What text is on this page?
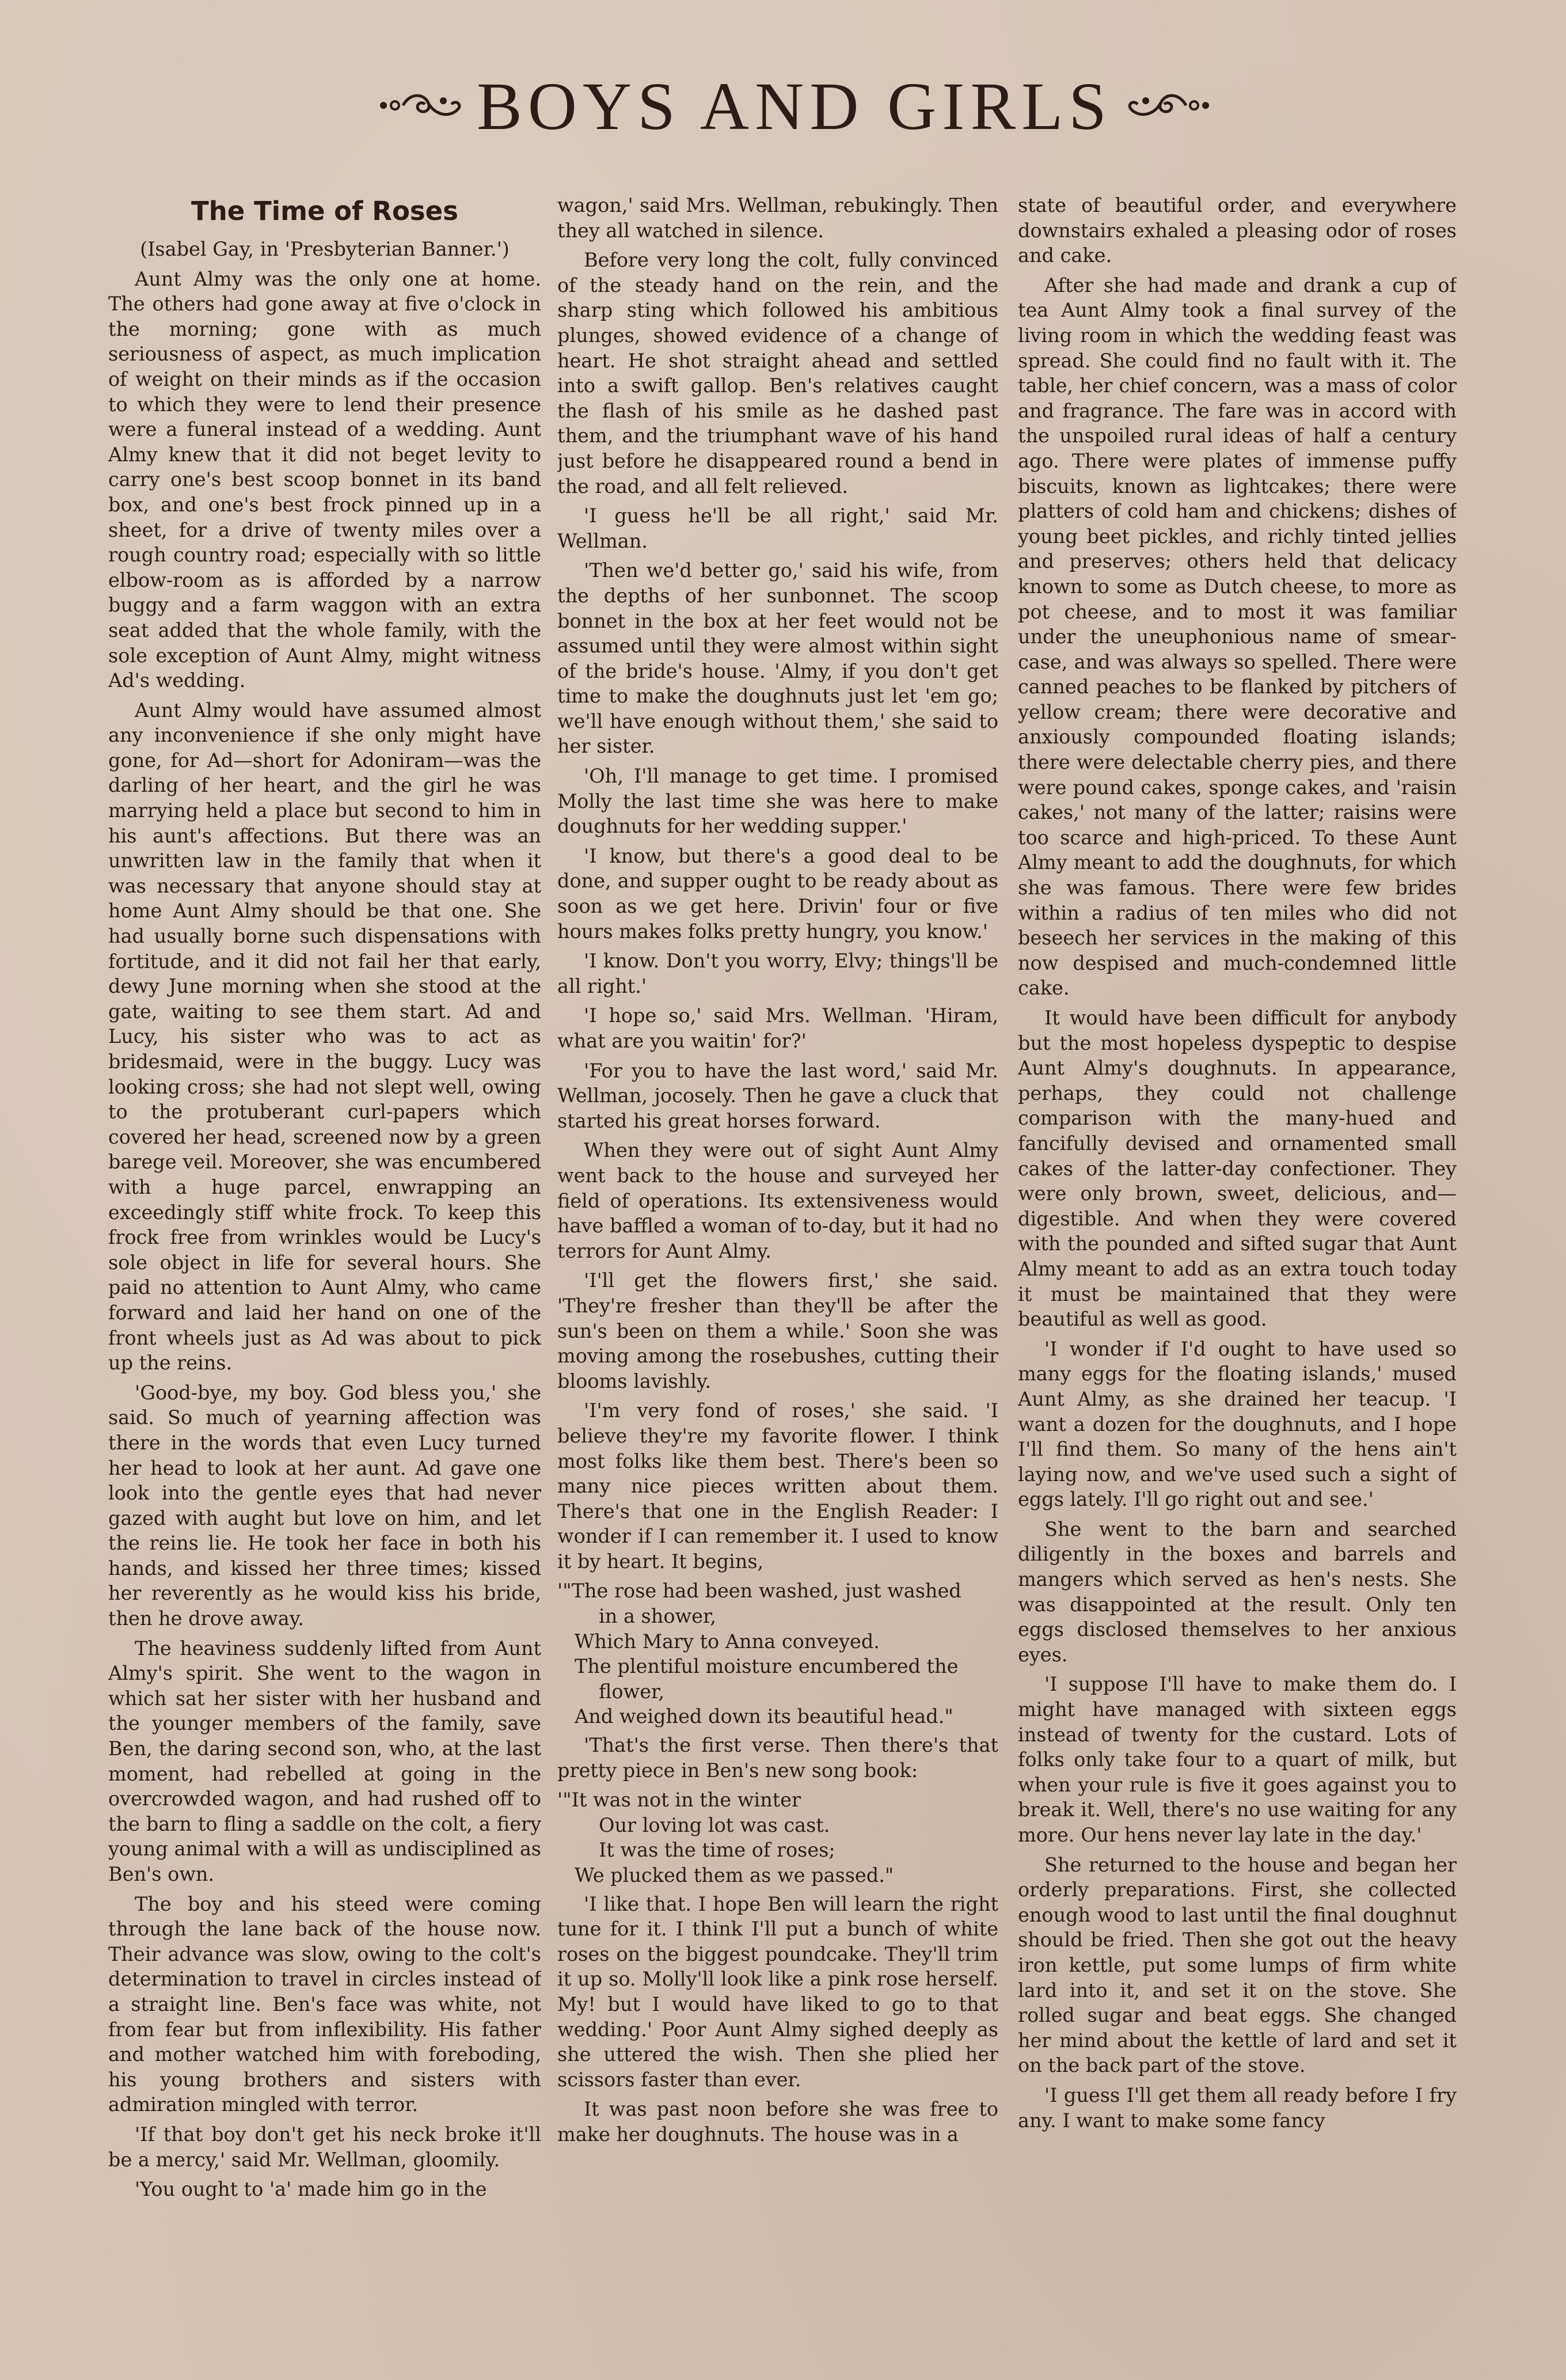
BOYS AND GIRLS
The Time of Roses

(Isabel Gay, in 'Presbyterian Banner.')

Aunt Almy was the only one at home. The others had gone away at five o'clock in the morning; gone with as much seriousness of aspect, as much implication of weight on their minds as if the occasion to which they were to lend their presence were a funeral instead of a wedding. Aunt Almy knew that it did not beget levity to carry one's best scoop bonnet in its band box, and one's best frock pinned up in a sheet, for a drive of twenty miles over a rough country road; especially with so little elbow-room as is afforded by a narrow buggy and a farm waggon with an extra seat added that the whole family, with the sole exception of Aunt Almy, might witness Ad's wedding.

Aunt Almy would have assumed almost any inconvenience if she only might have gone, for Ad—short for Adoniram—was the darling of her heart, and the girl he was marrying held a place but second to him in his aunt's affections. But there was an unwritten law in the family that when it was necessary that anyone should stay at home Aunt Almy should be that one. She had usually borne such dispensations with fortitude, and it did not fail her that early, dewy June morning when she stood at the gate, waiting to see them start. Ad and Lucy, his sister who was to act as bridesmaid, were in the buggy. Lucy was looking cross; she had not slept well, owing to the protuberant curl-papers which covered her head, screened now by a green barege veil. Moreover, she was encumbered with a huge parcel, enwrapping an exceedingly stiff white frock. To keep this frock free from wrinkles would be Lucy's sole object in life for several hours. She paid no attention to Aunt Almy, who came forward and laid her hand on one of the front wheels just as Ad was about to pick up the reins.

'Good-bye, my boy. God bless you,' she said. So much of yearning affection was there in the words that even Lucy turned her head to look at her aunt. Ad gave one look into the gentle eyes that had never gazed with aught but love on him, and let the reins lie. He took her face in both his hands, and kissed her three times; kissed her reverently as he would kiss his bride, then he drove away.

The heaviness suddenly lifted from Aunt Almy's spirit. She went to the wagon in which sat her sister with her husband and the younger members of the family, save Ben, the daring second son, who, at the last moment, had rebelled at going in the overcrowded wagon, and had rushed off to the barn to fling a saddle on the colt, a fiery young animal with a will as undisciplined as Ben's own.

The boy and his steed were coming through the lane back of the house now. Their advance was slow, owing to the colt's determination to travel in circles instead of a straight line. Ben's face was white, not from fear but from inflexibility. His father and mother watched him with foreboding, his young brothers and sisters with admiration mingled with terror.

'If that boy don't get his neck broke it'll be a mercy,' said Mr. Wellman, gloomily.

'You ought to 'a' made him go in the

wagon,' said Mrs. Wellman, rebukingly. Then they all watched in silence.

Before very long the colt, fully convinced of the steady hand on the rein, and the sharp sting which followed his ambitious plunges, showed evidence of a change of heart. He shot straight ahead and settled into a swift gallop. Ben's relatives caught the flash of his smile as he dashed past them, and the triumphant wave of his hand just before he disappeared round a bend in the road, and all felt relieved.

'I guess he'll be all right,' said Mr. Wellman.

'Then we'd better go,' said his wife, from the depths of her sunbonnet. The scoop bonnet in the box at her feet would not be assumed until they were almost within sight of the bride's house. 'Almy, if you don't get time to make the doughnuts just let 'em go; we'll have enough without them,' she said to her sister.

'Oh, I'll manage to get time. I promised Molly the last time she was here to make doughnuts for her wedding supper.'

'I know, but there's a good deal to be done, and supper ought to be ready about as soon as we get here. Drivin' four or five hours makes folks pretty hungry, you know.'

'I know. Don't you worry, Elvy; things'll be all right.'

'I hope so,' said Mrs. Wellman. 'Hiram, what are you waitin' for?'

'For you to have the last word,' said Mr. Wellman, jocosely. Then he gave a cluck that started his great horses forward.

When they were out of sight Aunt Almy went back to the house and surveyed her field of operations. Its extensiveness would have baffled a woman of to-day, but it had no terrors for Aunt Almy.

'I'll get the flowers first,' she said. 'They're fresher than they'll be after the sun's been on them a while.' Soon she was moving among the rosebushes, cutting their blooms lavishly.

'I'm very fond of roses,' she said. 'I believe they're my favorite flower. I think most folks like them best. There's been so many nice pieces written about them. There's that one in the English Reader: I wonder if I can remember it. I used to know it by heart. It begins,

'"The rose had been washed, just washed
in a shower,
Which Mary to Anna conveyed.
The plentiful moisture encumbered the
flower,
And weighed down its beautiful head."

'That's the first verse. Then there's that pretty piece in Ben's new song book:

'"It was not in the winter
Our loving lot was cast.
It was the time of roses;
We plucked them as we passed."

'I like that. I hope Ben will learn the right tune for it. I think I'll put a bunch of white roses on the biggest poundcake. They'll trim it up so. Molly'll look like a pink rose herself. My! but I would have liked to go to that wedding.' Poor Aunt Almy sighed deeply as she uttered the wish. Then she plied her scissors faster than ever.

It was past noon before she was free to make her doughnuts. The house was in a

state of beautiful order, and everywhere downstairs exhaled a pleasing odor of roses and cake.

After she had made and drank a cup of tea Aunt Almy took a final survey of the living room in which the wedding feast was spread. She could find no fault with it. The table, her chief concern, was a mass of color and fragrance. The fare was in accord with the unspoiled rural ideas of half a century ago. There were plates of immense puffy biscuits, known as lightcakes; there were platters of cold ham and chickens; dishes of young beet pickles, and richly tinted jellies and preserves; others held that delicacy known to some as Dutch cheese, to more as pot cheese, and to most it was familiar under the uneuphonious name of smear-case, and was always so spelled. There were canned peaches to be flanked by pitchers of yellow cream; there were decorative and anxiously compounded floating islands; there were delectable cherry pies, and there were pound cakes, sponge cakes, and 'raisin cakes,' not many of the latter; raisins were too scarce and high-priced. To these Aunt Almy meant to add the doughnuts, for which she was famous. There were few brides within a radius of ten miles who did not beseech her services in the making of this now despised and much-condemned little cake.

It would have been difficult for anybody but the most hopeless dyspeptic to despise Aunt Almy's doughnuts. In appearance, perhaps, they could not challenge comparison with the many-hued and fancifully devised and ornamented small cakes of the latter-day confectioner. They were only brown, sweet, delicious, and—digestible. And when they were covered with the pounded and sifted sugar that Aunt Almy meant to add as an extra touch today it must be maintained that they were beautiful as well as good.

'I wonder if I'd ought to have used so many eggs for the floating islands,' mused Aunt Almy, as she drained her teacup. 'I want a dozen for the doughnuts, and I hope I'll find them. So many of the hens ain't laying now, and we've used such a sight of eggs lately. I'll go right out and see.'

She went to the barn and searched diligently in the boxes and barrels and mangers which served as hen's nests. She was disappointed at the result. Only ten eggs disclosed themselves to her anxious eyes.

'I suppose I'll have to make them do. I might have managed with sixteen eggs instead of twenty for the custard. Lots of folks only take four to a quart of milk, but when your rule is five it goes against you to break it. Well, there's no use waiting for any more. Our hens never lay late in the day.'

She returned to the house and began her orderly preparations. First, she collected enough wood to last until the final doughnut should be fried. Then she got out the heavy iron kettle, put some lumps of firm white lard into it, and set it on the stove. She rolled sugar and beat eggs. She changed her mind about the kettle of lard and set it on the back part of the stove.

'I guess I'll get them all ready before I fry any. I want to make some fancy
